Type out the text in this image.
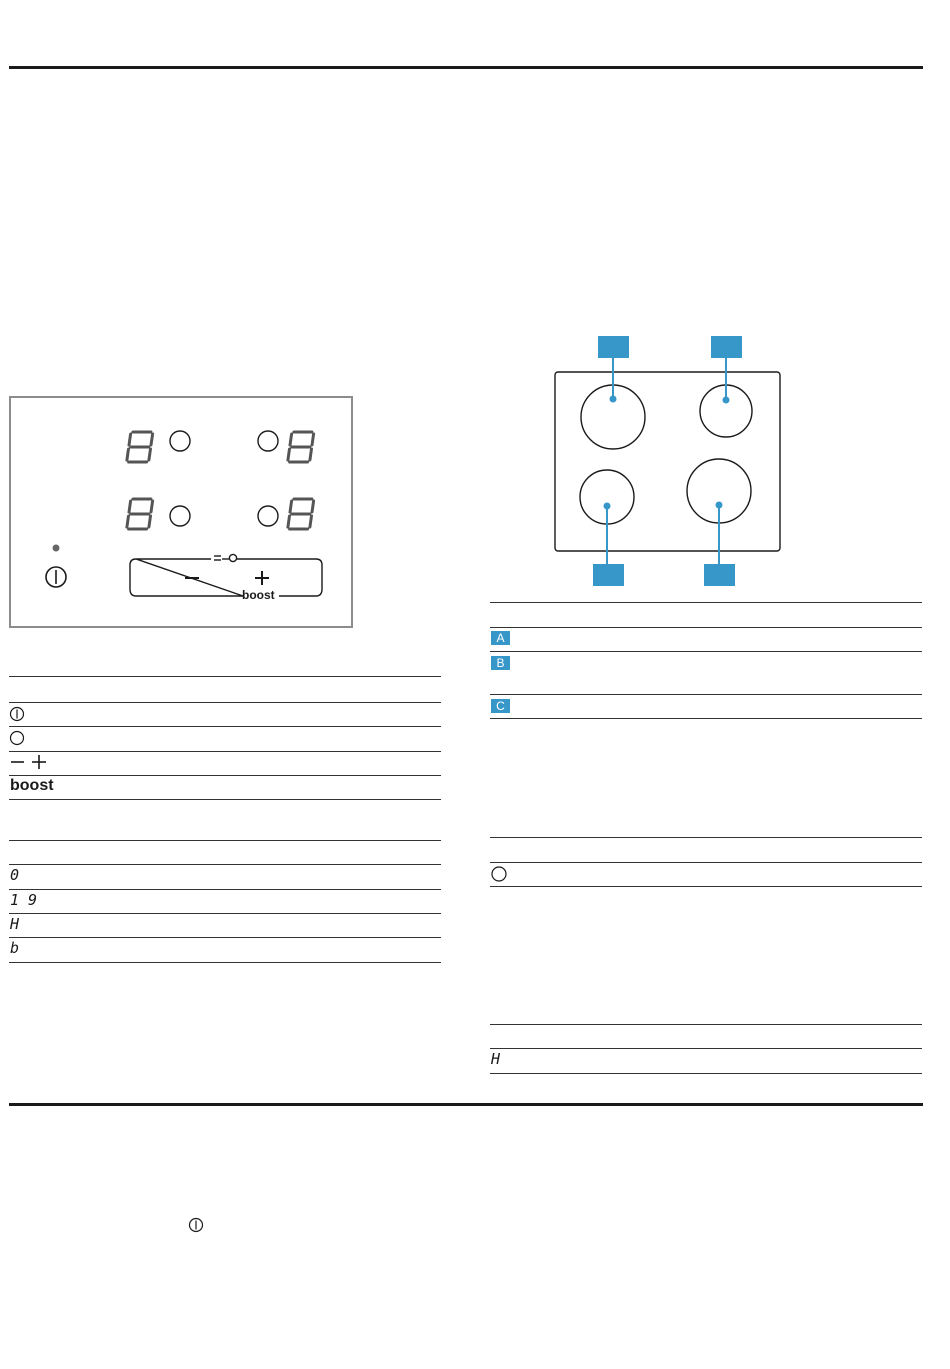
boost
boost
0
1 9
H
b
A
B
C
H
